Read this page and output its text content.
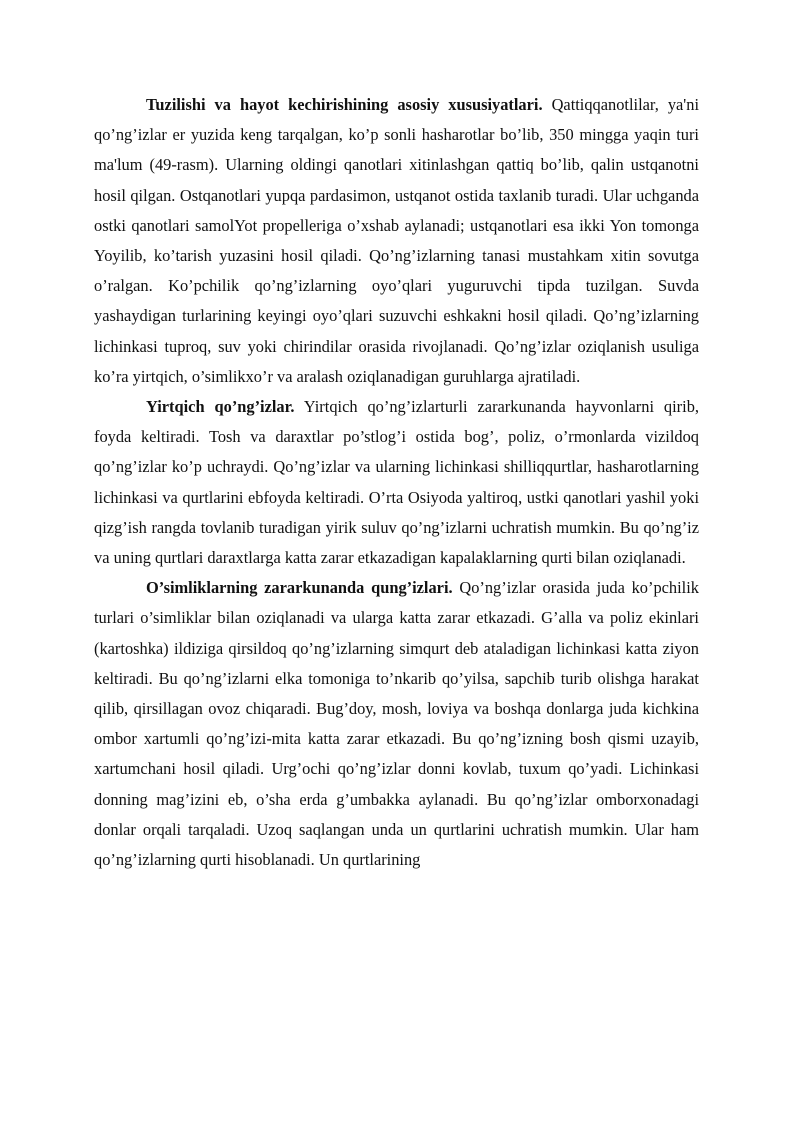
Tuzilishi va hayot kechirishining asosiy xususiyatlari. Qattiqqanotlilar, ya'ni qo’ng’izlar er yuzida keng tarqalgan, ko’p sonli hasharotlar bo’lib, 350 mingga yaqin turi ma'lum (49-rasm). Ularning oldingi qanotlari xitinlashgan qattiq bo’lib, qalin ustqanotni hosil qilgan. Ostqanotlari yupqa pardasimon, ustqanot ostida taxlanib turadi. Ular uchganda ostki qanotlari samolYot propelleriga o’xshab aylanadi; ustqanotlari esa ikki Yon tomonga Yoyilib, ko’tarish yuzasini hosil qiladi. Qo’ng’izlarning tanasi mustahkam xitin sovutga o’ralgan. Ko’pchilik qo’ng’izlarning oyo’qlari yuguruvchi tipda tuzilgan. Suvda yashaydigan turlarining keyingi oyo’qlari suzuvchi eshkakni hosil qiladi. Qo’ng’izlarning lichinkasi tuproq, suv yoki chirindilar orasida rivojlanadi. Qo’ng’izlar oziqlanish usuliga ko’ra yirtqich, o’simlikxo’r va aralash oziqlanadigan guruhlarga ajratiladi.

Yirtqich qo’ng’izlar. Yirtqich qo’ng’izlarturli zararkunanda hayvonlarni qirib, foyda keltiradi. Tosh va daraxtlar po’stlog’i ostida bog’, poliz, o’rmonlarda vizildoq qo’ng’izlar ko’p uchraydi. Qo’ng’izlar va ularning lichinkasi shilliqqurtlar, hasharotlarning lichinkasi va qurtlarini ebfoyda keltiradi. O’rta Osiyoda yaltiroq, ustki qanotlari yashil yoki qizg’ish rangda tovlanib turadigan yirik suluv qo’ng’izlarni uchratish mumkin. Bu qo’ng’iz va uning qurtlari daraxtlarga katta zarar etkazadigan kapalaklarning qurti bilan oziqlanadi.

O’simliklarning zararkunanda qung’izlari. Qo’ng’izlar orasida juda ko’pchilik turlari o’simliklar bilan oziqlanadi va ularga katta zarar etkazadi. G’alla va poliz ekinlari (kartoshka) ildiziga qirsildoq qo’ng’izlarning simqurt deb ataladigan lichinkasi katta ziyon keltiradi. Bu qo’ng’izlarni elka tomoniga to’nkarib qo’yilsa, sapchib turib olishga harakat qilib, qirsillagan ovoz chiqaradi. Bug’doy, mosh, loviya va boshqa donlarga juda kichkina ombor xartumli qo’ng’izi-mita katta zarar etkazadi. Bu qo’ng’izning bosh qismi uzayib, xartumchani hosil qiladi. Urg’ochi qo’ng’izlar donni kovlab, tuxum qo’yadi. Lichinkasi donning mag’izini eb, o’sha erda g’umbakka aylanadi. Bu qo’ng’izlar omborxonadagi donlar orqali tarqaladi. Uzoq saqlangan unda un qurtlarini uchratish mumkin. Ular ham qo’ng’izlarning qurti hisoblanadi. Un qurtlarining
